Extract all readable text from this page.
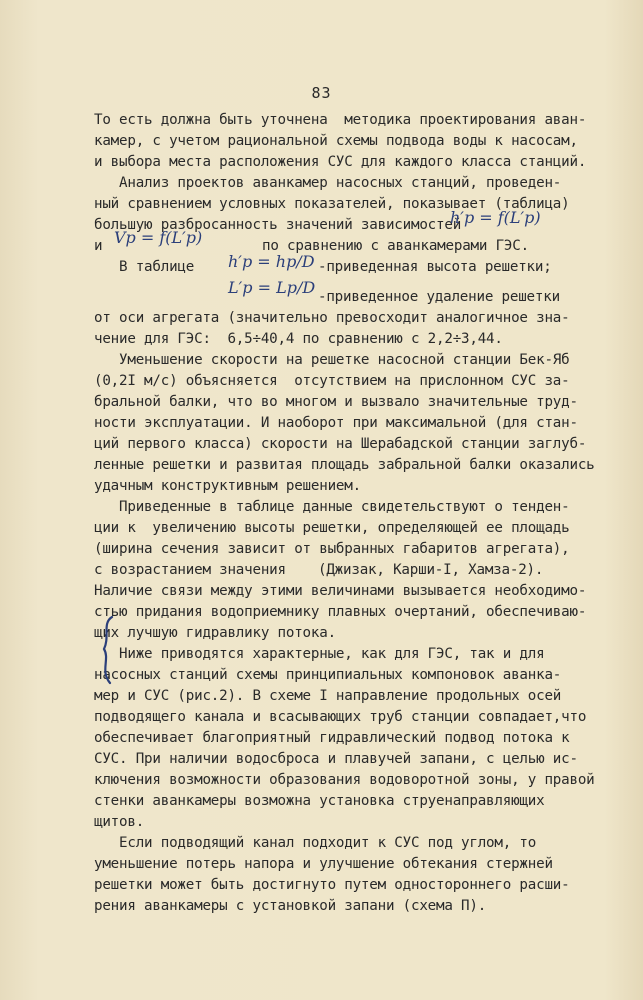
83
То есть должна быть уточнена  методика проектирования аван-
камер, с учетом рациональной схемы подвода воды к насосам,
и выбора места расположения СУС для каждого класса станций.
Анализ проектов аванкамер насосных станций, проведен-
ный сравнением условных показателей, показывает (таблица)
большую разбросанность значений зависимостей
h′p = f(L′p)
и Vp = f(L′p)	по сравнению с аванкамерами ГЭС.
В таблице h′p = hp/D -приведенная высота решетки;
L′p = Lp/D -приведенное удаление решетки
от оси агрегата (значительно превосходит аналогичное зна-
чение для ГЭС:  6,5÷40,4 по сравнению с 2,2÷3,44.
Уменьшение скорости на решетке насосной станции Бек-Яб
(0,2I м/с) объясняется  отсутствием на прислонном СУС за-
бральной балки, что во многом и вызвало значительные труд-
ности эксплуатации. И наоборот при максимальной (для стан-
ций первого класса) скорости на Шерабадской станции заглуб-
ленные решетки и развитая площадь забральной балки оказались
удачным конструктивным решением.
Приведенные в таблице данные свидетельствуют о тенден-
ции к  увеличению высоты решетки, определяющей ее площадь
(ширина сечения зависит от выбранных габаритов агрегата),
с возрастанием значения (Джизак, Карши-I, Хамза-2).
Наличие связи между этими величинами вызывается необходимо-
стью придания водоприемнику плавных очертаний, обеспечиваю-
щих лучшую гидравлику потока.
Ниже приводятся характерные, как для ГЭС, так и для
насосных станций схемы принципиальных компоновок аванка-
мер и СУС (рис.2). В схеме I направление продольных осей
подводящего канала и всасывающих труб станции совпадает,что
обеспечивает благоприятный гидравлический подвод потока к
СУС. При наличии водосброса и плавучей запани, с целью ис-
ключения возможности образования водоворотной зоны, у правой
стенки аванкамеры возможна установка струенаправляющих
щитов.
Если подводящий канал подходит к СУС под углом, то
уменьшение потерь напора и улучшение обтекания стержней
решетки может быть достигнуто путем одностороннего расши-
рения аванкамеры с установкой запани (схема П).
